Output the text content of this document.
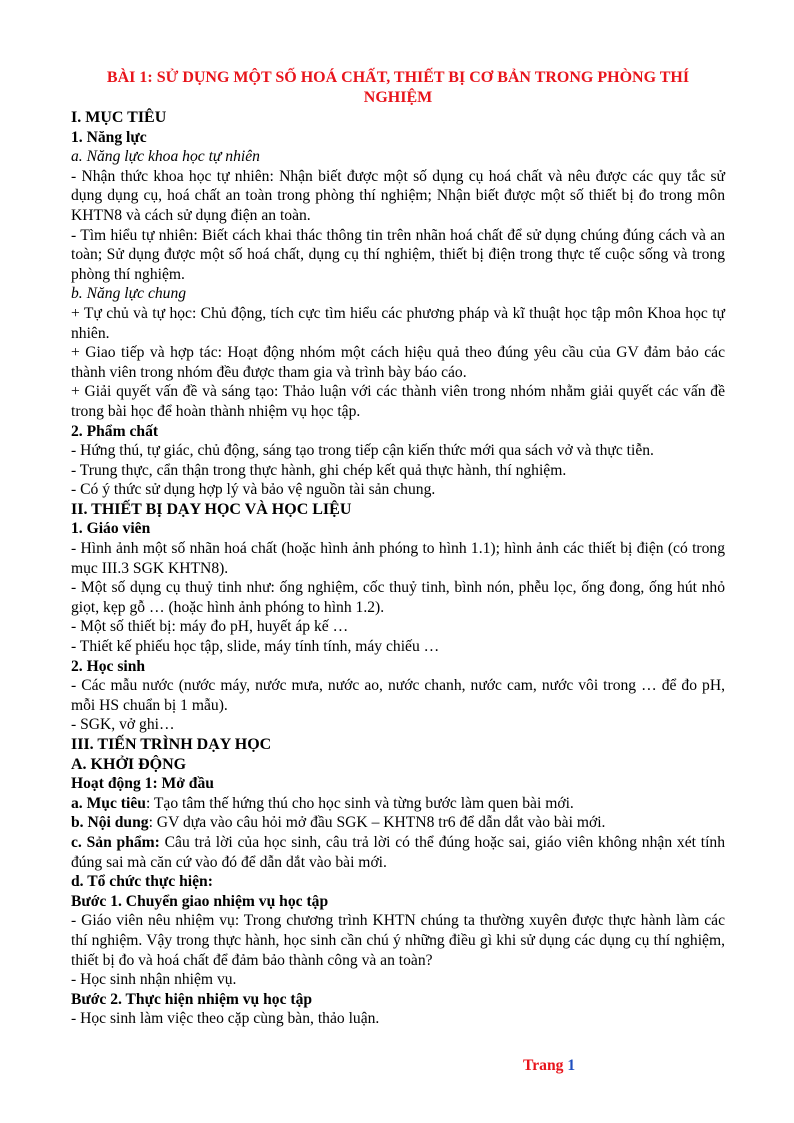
BÀI 1: SỬ DỤNG MỘT SỐ HOÁ CHẤT, THIẾT BỊ CƠ BẢN TRONG PHÒNG THÍ NGHIỆM

I. MỤC TIÊU

1. Năng lực

a. Năng lực khoa học tự nhiên

- Nhận thức khoa học tự nhiên: Nhận biết được một số dụng cụ hoá chất và nêu được các quy tắc sử dụng dụng cụ, hoá chất an toàn trong phòng thí nghiệm; Nhận biết được một số thiết bị đo trong môn KHTN8 và cách sử dụng điện an toàn.

- Tìm hiểu tự nhiên: Biết cách khai thác thông tin trên nhãn hoá chất để sử dụng chúng đúng cách và an toàn; Sử dụng được một số hoá chất, dụng cụ thí nghiệm, thiết bị điện trong thực tế cuộc sống và trong phòng thí nghiệm.

b. Năng lực chung

+ Tự chủ và tự học: Chủ động, tích cực tìm hiểu các phương pháp và kĩ thuật học tập môn Khoa học tự nhiên.

+ Giao tiếp và hợp tác: Hoạt động nhóm một cách hiệu quả theo đúng yêu cầu của GV đảm bảo các thành viên trong nhóm đều được tham gia và trình bày báo cáo.

+ Giải quyết vấn đề và sáng tạo: Thảo luận với các thành viên trong nhóm nhằm giải quyết các vấn đề trong bài học để hoàn thành nhiệm vụ học tập.

2. Phẩm chất

- Hứng thú, tự giác, chủ động, sáng tạo trong tiếp cận kiến thức mới qua sách vở và thực tiễn.

- Trung thực, cẩn thận trong thực hành, ghi chép kết quả thực hành, thí nghiệm.

- Có ý thức sử dụng hợp lý và bảo vệ nguồn tài sản chung.

II. THIẾT BỊ DẠY HỌC VÀ HỌC LIỆU

1. Giáo viên

- Hình ảnh một số nhãn hoá chất (hoặc hình ảnh phóng to hình 1.1); hình ảnh các thiết bị điện (có trong mục III.3 SGK KHTN8).

- Một số dụng cụ thuỷ tinh như: ống nghiệm, cốc thuỷ tinh, bình nón, phễu lọc, ống đong, ống hút nhỏ giọt, kẹp gỗ … (hoặc hình ảnh phóng to hình 1.2).

- Một số thiết bị: máy đo pH, huyết áp kế …

- Thiết kế phiếu học tập, slide, máy tính tính, máy chiếu …

2. Học sinh

- Các mẫu nước (nước máy, nước mưa, nước ao, nước chanh, nước cam, nước vôi trong … để đo pH, mỗi HS chuẩn bị 1 mẫu).

- SGK, vở ghi…

III. TIẾN TRÌNH DẠY HỌC

A. KHỞI ĐỘNG

Hoạt động 1: Mở đầu

a. Mục tiêu: Tạo tâm thế hứng thú cho học sinh và từng bước làm quen bài mới.

b. Nội dung: GV dựa vào câu hỏi mở đầu SGK – KHTN8 tr6 để dẫn dắt vào bài mới.

c. Sản phẩm: Câu trả lời của học sinh, câu trả lời có thể đúng hoặc sai, giáo viên không nhận xét tính đúng sai mà căn cứ vào đó để dẫn dắt vào bài mới.

d. Tổ chức thực hiện:

Bước 1. Chuyển giao nhiệm vụ học tập

- Giáo viên nêu nhiệm vụ: Trong chương trình KHTN chúng ta thường xuyên được thực hành làm các thí nghiệm. Vậy trong thực hành, học sinh cần chú ý những điều gì khi sử dụng các dụng cụ thí nghiệm, thiết bị đo và hoá chất để đảm bảo thành công và an toàn?

- Học sinh nhận nhiệm vụ.

Bước 2. Thực hiện nhiệm vụ học tập

- Học sinh làm việc theo cặp cùng bàn, thảo luận.

Trang 1
